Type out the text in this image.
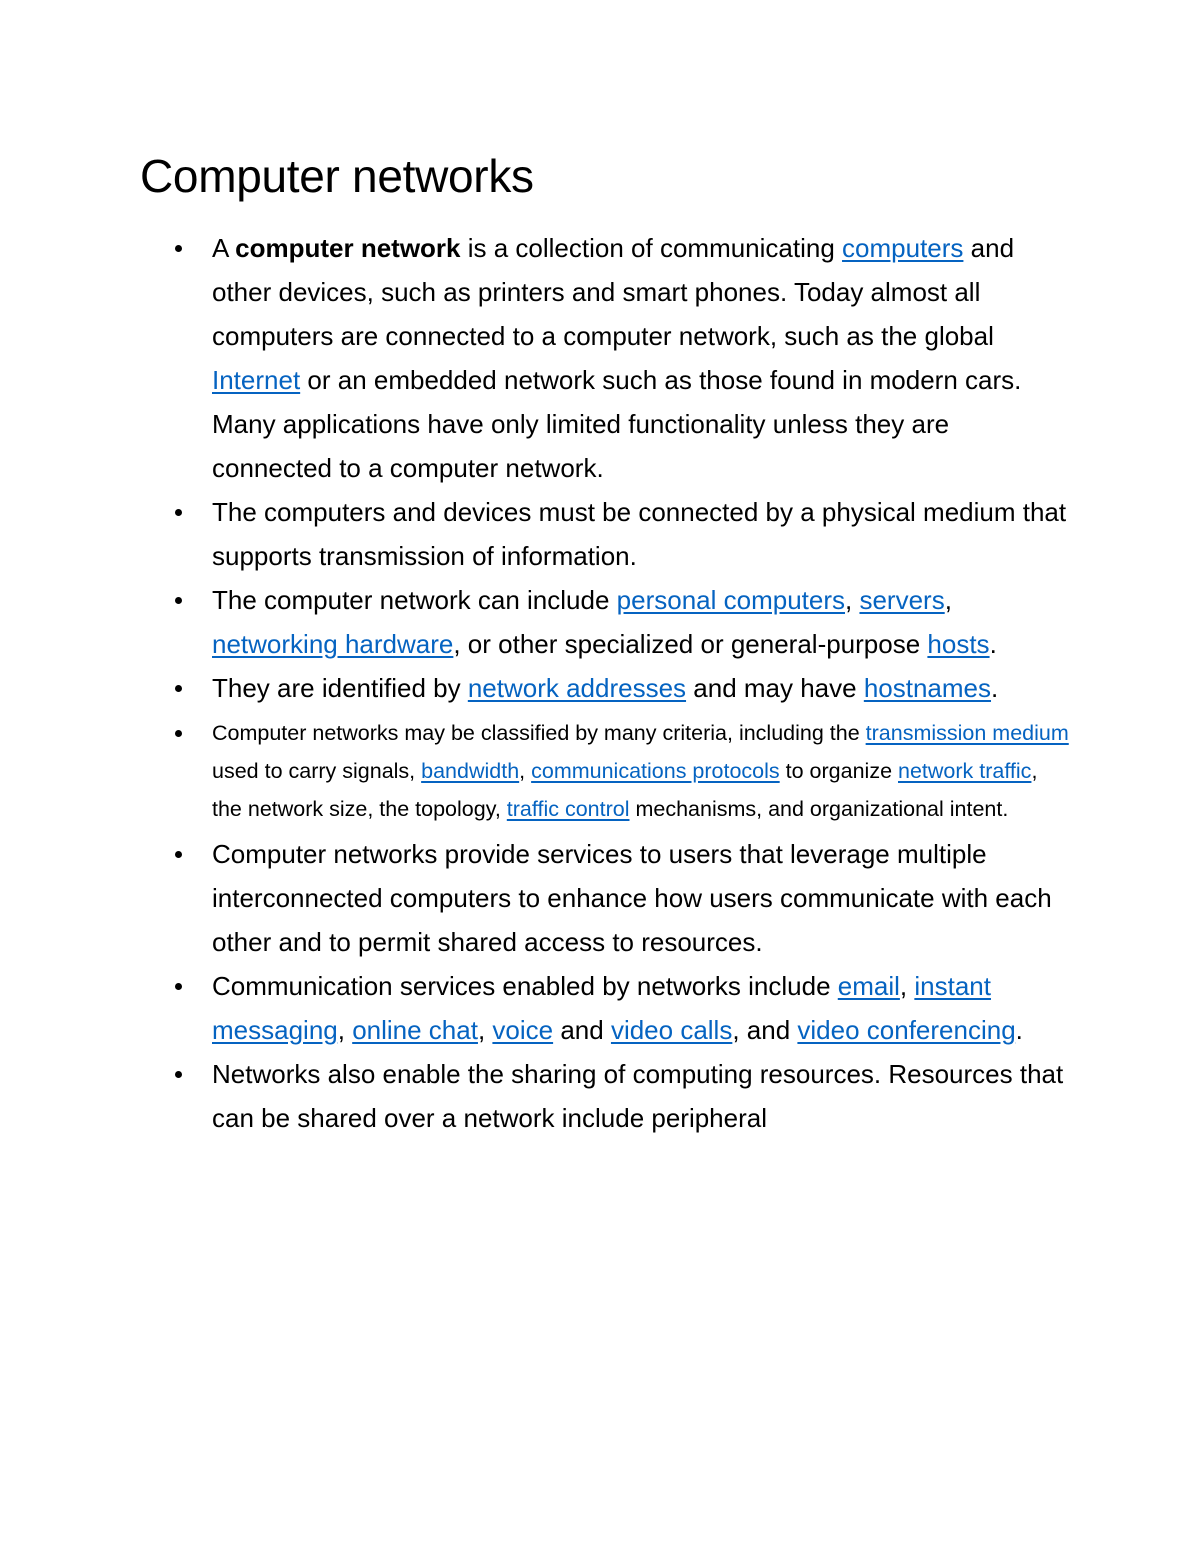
Computer networks
A computer network is a collection of communicating computers and other devices, such as printers and smart phones. Today almost all computers are connected to a computer network, such as the global Internet or an embedded network such as those found in modern cars. Many applications have only limited functionality unless they are connected to a computer network.
The computers and devices must be connected by a physical medium that supports transmission of information.
The computer network can include personal computers, servers, networking hardware, or other specialized or general-purpose hosts.
They are identified by network addresses and may have hostnames.
Computer networks may be classified by many criteria, including the transmission medium used to carry signals, bandwidth, communications protocols to organize network traffic, the network size, the topology, traffic control mechanisms, and organizational intent.
Computer networks provide services to users that leverage multiple interconnected computers to enhance how users communicate with each other and to permit shared access to resources.
Communication services enabled by networks include email, instant messaging, online chat, voice and video calls, and video conferencing.
Networks also enable the sharing of computing resources. Resources that can be shared over a network include peripheral
